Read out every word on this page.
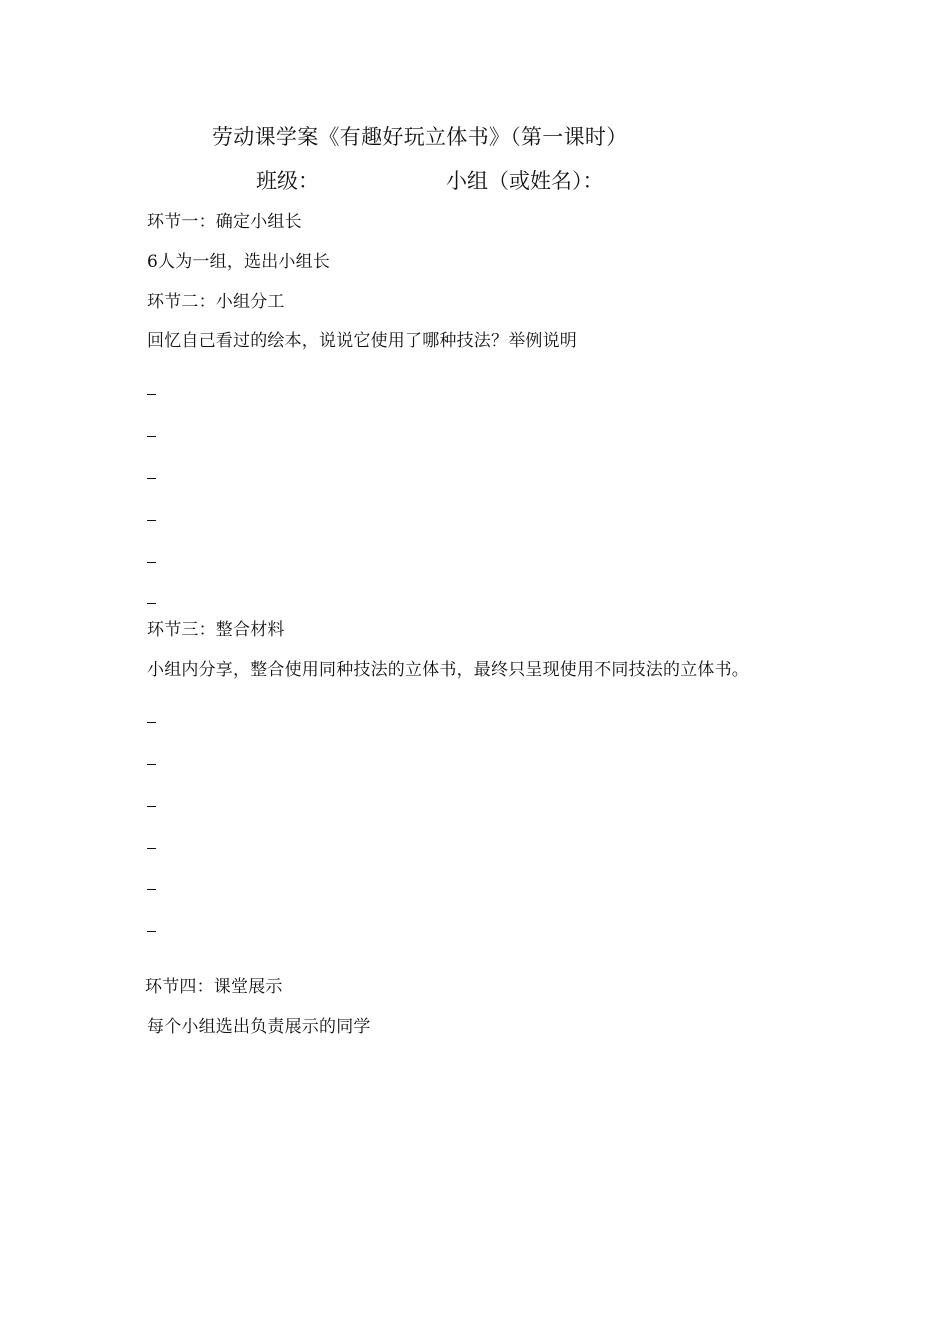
劳动课学案《有趣好玩立体书》（第一课时）
班级：	小组（或姓名）：
环节一：确定小组长
6人为一组，选出小组长
环节二：小组分工
回忆自己看过的绘本，说说它使用了哪种技法？举例说明
环节三：整合材料
小组内分享，整合使用同种技法的立体书，最终只呈现使用不同技法的立体书。
环节四：课堂展示
每个小组选出负责展示的同学
